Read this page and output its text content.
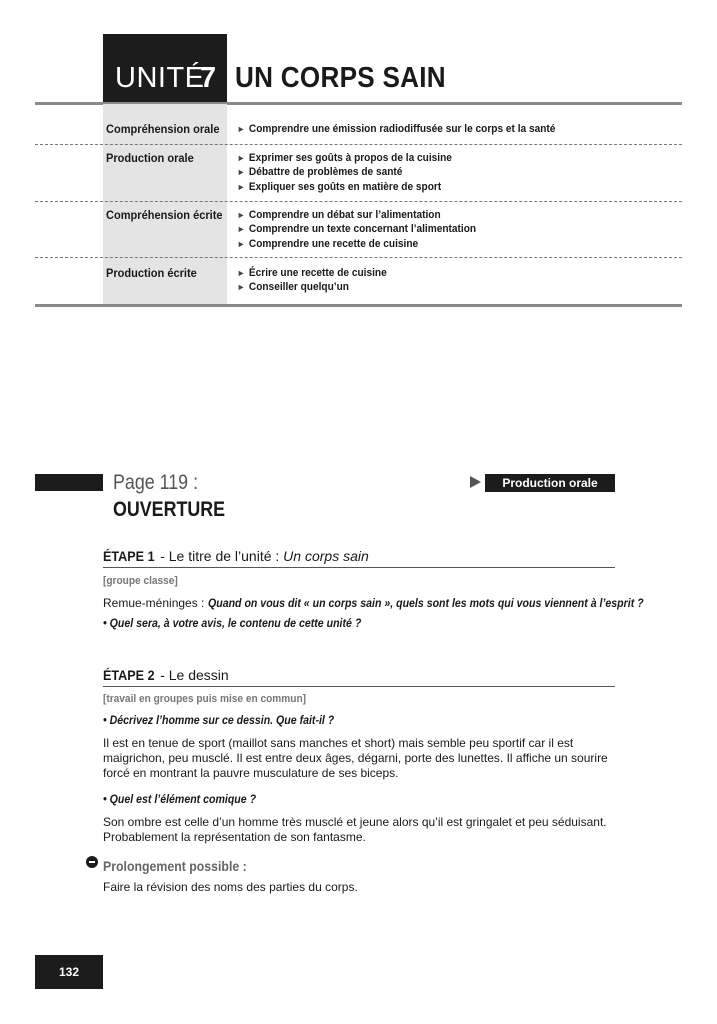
UNITÉ
7 UN CORPS SAIN
Compréhension orale ► Comprendre une émission radiodiffusée sur le corps et la santé
Production orale	► Exprimer ses goûts à propos de la cuisine
► Débattre de problèmes de santé
► Expliquer ses goûts en matière de sport
Compréhension écrite ► Comprendre un débat sur l’alimentation
► Comprendre un texte concernant l’alimentation
► Comprendre une recette de cuisine
Production écrite	► Écrire une recette de cuisine
► Conseiller quelqu’un
Page 119 :
OUVERTURE
Production orale
ÉTAPE 1 - Le titre de l’unité : Un corps sain
[groupe classe]
Remue-méninges : Quand on vous dit « un corps sain », quels sont les mots qui vous viennent à l’esprit ?
• Quel sera, à votre avis, le contenu de cette unité ?
ÉTAPE 2 - Le dessin
[travail en groupes puis mise en commun]
• Décrivez l’homme sur ce dessin. Que fait-il ?
Il est en tenue de sport (maillot sans manches et short) mais semble peu sportif car il est maigrichon, peu musclé. Il est entre deux âges, dégarni, porte des lunettes. Il affiche un sourire forcé en montrant la pauvre musculature de ses biceps.
• Quel est l’élément comique ?
Son ombre est celle d’un homme très musclé et jeune alors qu’il est gringalet et peu séduisant. Probablement la représentation de son fantasme.
Prolongement possible :
Faire la révision des noms des parties du corps.
132
